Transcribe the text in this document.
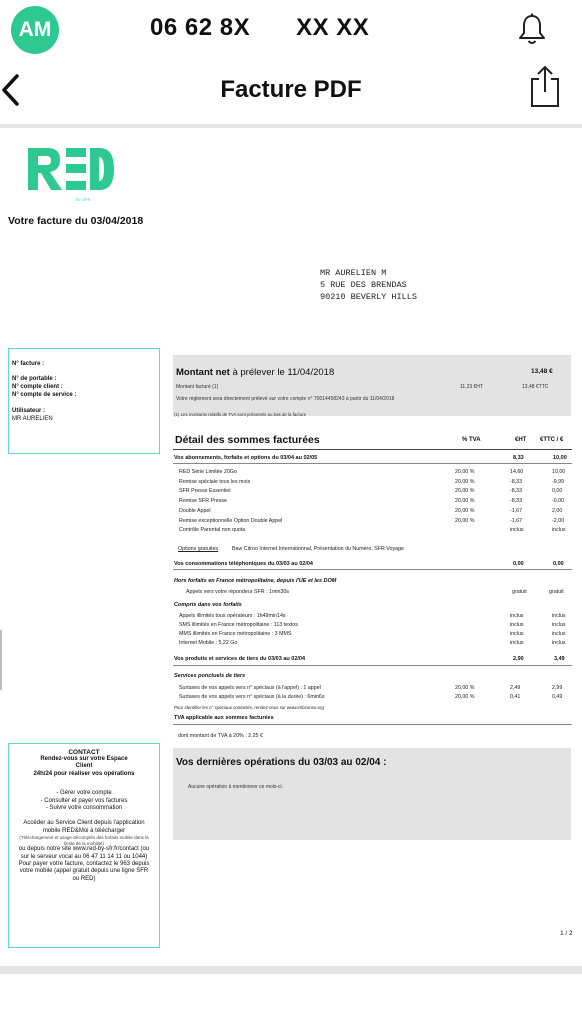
AM	06 62 8X XX XX
Facture PDF
BY SFR
Votre facture du 03/04/2018
MR AURELIEN M
5 RUE DES BRENDAS
90210 BEVERLY HILLS
N° facture :
N° de portable :
N° compte client :
N° compte de service :
Utilisateur :
MR AURELIEN
Montant net à prélever le 11/04/2018	13,48 €
Montant facturé (1)	11,23 €HT	13,48 €TTC
Votre règlement sera directement prélevé sur votre compte n° 70014458243 à partir du 11/04/2018
(1) Les montants relatifs de TVA sont présentés au bas de la facture
Détail des sommes facturées	% TVA	€HT €TTC / €
Vos abonnements, forfaits et options du 03/04 au 02/05	8,33	10,00
RED Série Limitée 20Go	20,00 %	14,60	10,00
Remise spéciale tous les mois	20,00 %	-8,33	-9,99
SFR Presse Essentiel	20,00 %	-8,33	0,00
Remise SFR Presse	20,00 %	-8,33	-0,00
Double Appel	20,00 %	-1,67	2,00
Remise exceptionnelle Option Double Appel	20,00 %	-1,67	-2,00
Contrôle Parental non quota	inclus	inclus
Options gratuites	Baw Citroo Internet Internationnal, Présentation du Numéro, SFR Voyage
Vos consommations téléphoniques du 03/03 au 02/04	0,00	0,00
Hors forfaits en France métropolitaine, depuis l'UE et les DOM
Appels vers votre répondeur SFR : 1min30s	gratuit	gratuit
Compris dans vos forfaits
Appels illimités tous opérateurs : 1h49min14s	inclus	inclus
SMS illimités en France métropolitaine : 113 textos	inclus	inclus
MMS illimités en France métropolitaine : 3 MMS	inclus	inclus
Internet Mobile : 5,22 Go	inclus	inclus
Vos produits et services de tiers du 03/03 au 02/04	2,90	3,49
Services ponctuels de tiers
Surtaxes de vos appels vers n° spéciaux (à l'appel) : 1 appel	20,00 %	2,49	2,99
Surtaxes de vos appels vers n° spéciaux (à la durée) : 6min6s	20,00 %	0,41	0,49
Pour identifier les n° spéciaux contactés, rendez-vous sur www.infoconso.org
TVA applicable aux sommes facturées
dont montant de TVA à 20% : 2,25 €
Vos dernières opérations du 03/03 au 02/04 :
Aucune opération à mentionner ce mois-ci.
CONTACT
Rendez-vous sur votre Espace
Client
24h/24 pour réaliser vos opérations
- Gérer votre compte
- Consulter et payer vos factures
- Suivre votre consommation
Accéder au Service Client depuis l'application mobile RED&Moi à télécharger
(Téléchargement et usage décomptés des forfaits mobile dans la limite de la mobilité)
ou depuis notre site www.red-by-sfr.fr/contact (ou sur le serveur vocal au 06 47 11 14 11 ou 1044)
Pour payer votre facture, contactez le 963 depuis votre mobile (appel gratuit depuis une ligne SFR ou RED)
1 / 2
